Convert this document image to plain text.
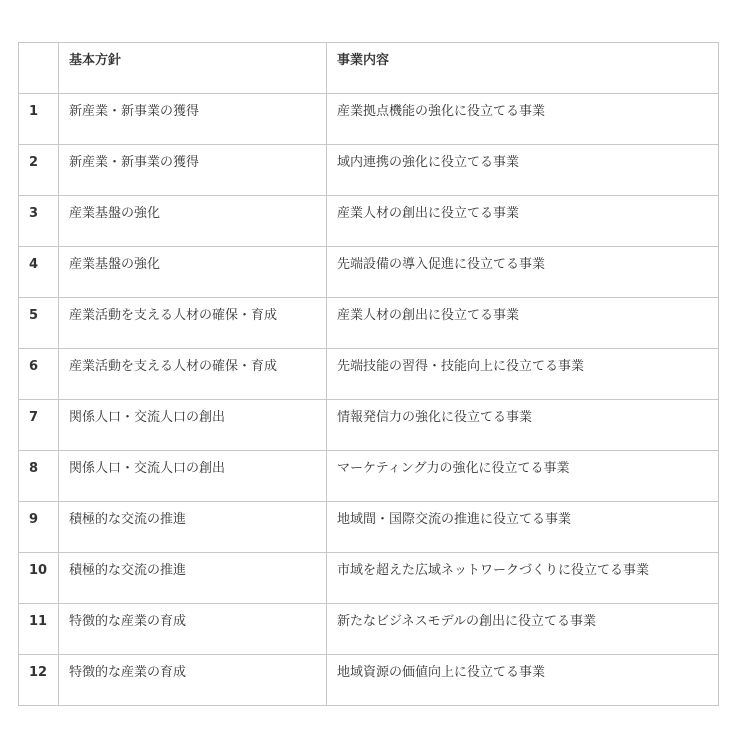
	基本方針	事業内容
1	新産業・新事業の獲得	産業拠点機能の強化に役立てる事業
2	新産業・新事業の獲得	域内連携の強化に役立てる事業
3	産業基盤の強化	産業人材の創出に役立てる事業
4	産業基盤の強化	先端設備の導入促進に役立てる事業
5	産業活動を支える人材の確保・育成	産業人材の創出に役立てる事業
6	産業活動を支える人材の確保・育成	先端技能の習得・技能向上に役立てる事業
7	関係人口・交流人口の創出	情報発信力の強化に役立てる事業
8	関係人口・交流人口の創出	マーケティング力の強化に役立てる事業
9	積極的な交流の推進	地域間・国際交流の推進に役立てる事業
10	積極的な交流の推進	市域を超えた広域ネットワークづくりに役立てる事業
11	特徴的な産業の育成	新たなビジネスモデルの創出に役立てる事業
12	特徴的な産業の育成	地域資源の価値向上に役立てる事業
